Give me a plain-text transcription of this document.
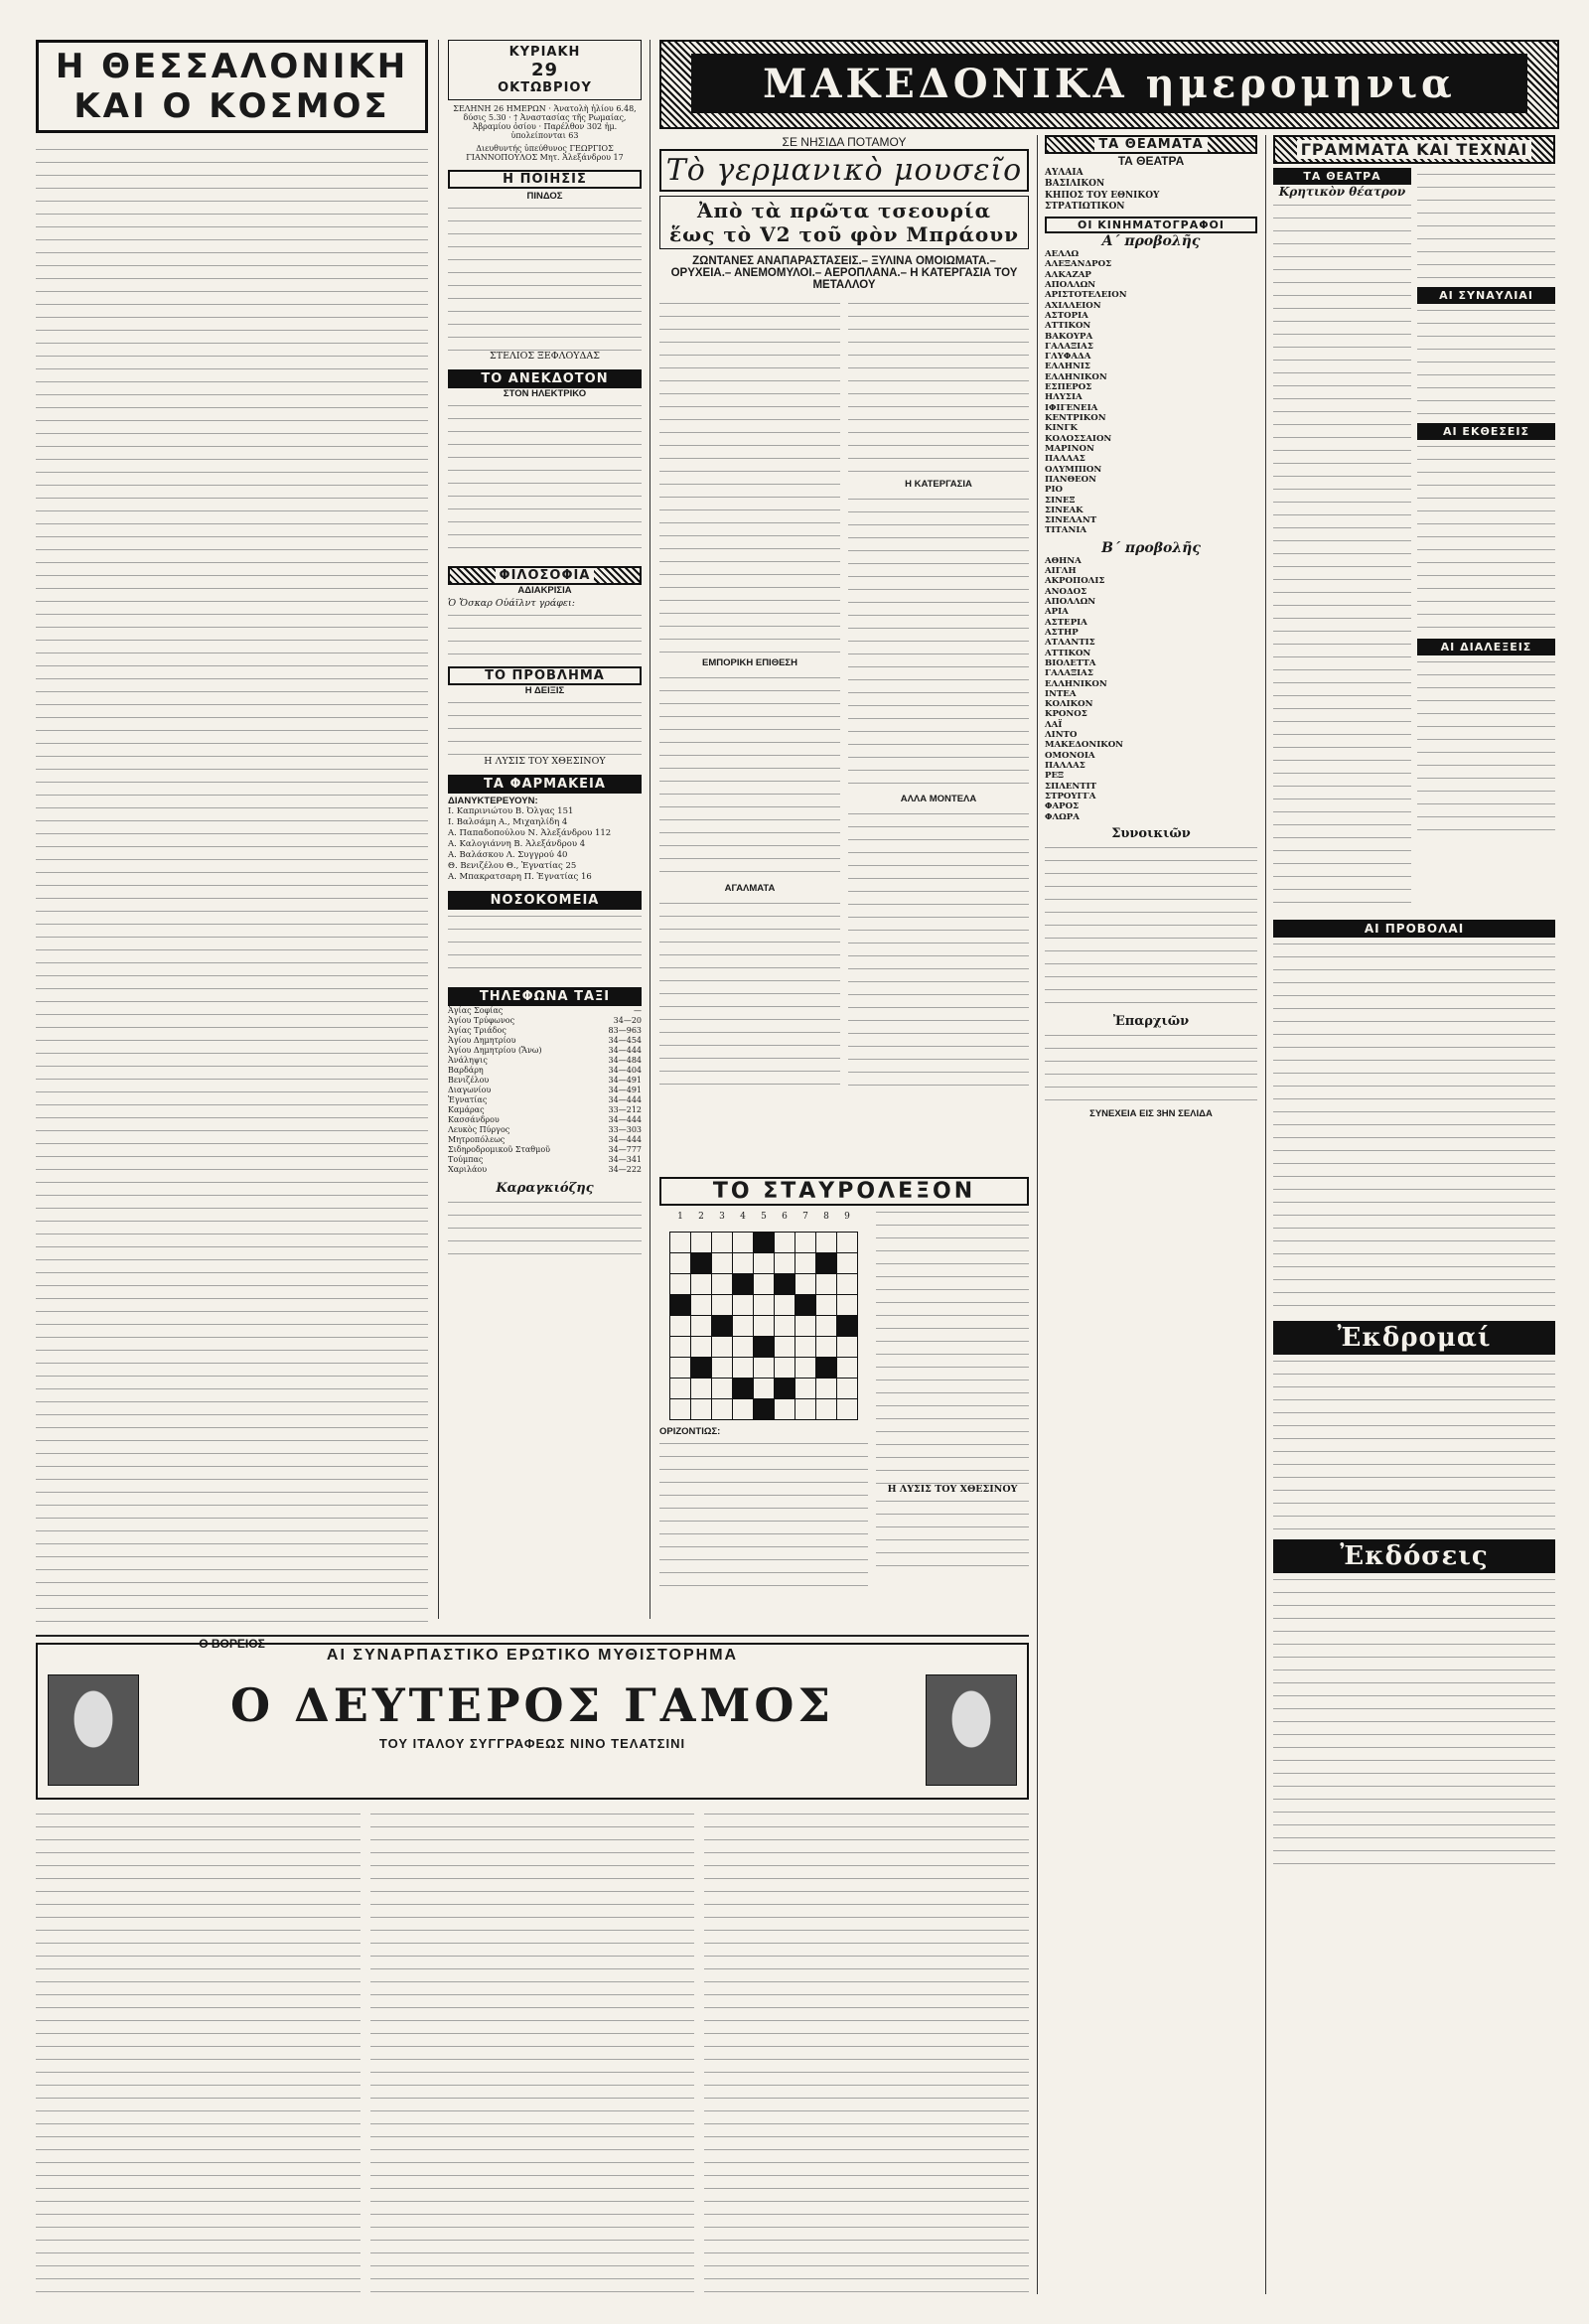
Η ΘΕΣΣΑΛΟΝΙΚΗ
ΚΑΙ Ο ΚΟΣΜΟΣ
Ο ΒΟΡΕΙΟΣ
ΚΥΡΙΑΚΗ
29
ΟΚΤΩΒΡΙΟΥ
ΣΕΛΗΝΗ 26 ΗΜΕΡΩΝ · Ἀνατολὴ ἡλίου 6.48, δύσις 5.30 · † Ἀναστασίας τῆς Ρωμαίας, Ἀβραμίου ὁσίου · Παρέλθον 302 ἡμ. ὑπολείπονται 63
Διευθυντής ὑπεύθυνος ΓΕΩΡΓΙΟΣ ΓΙΑΝΝΟΠΟΥΛΟΣ Μητ. Ἀλεξάνδρου 17
Η ΠΟΙΗΣΙΣ
ΠΙΝΔΟΣ
ΣΤΕΛΙΟΣ ΞΕΦΛΟΥΔΑΣ
ΤΟ ΑΝΕΚΔΟΤΟΝ
ΣΤΟΝ ΗΛΕΚΤΡΙΚΟ
ΦΙΛΟΣΟΦΙΑ
ΑΔΙΑΚΡΙΣΙΑ
Ὁ Ὄσκαρ Οὐάϊλντ γράφει:
ΤΟ ΠΡΟΒΛΗΜΑ
Η ΔΕΙΞΙΣ
Η ΛΥΣΙΣ ΤΟΥ ΧΘΕΣΙΝΟΥ
ΤΑ ΦΑΡΜΑΚΕΙΑ
ΔΙΑΝΥΚΤΕΡΕΥΟΥΝ:
Ι. Καπρινιώτου Β. Ὀλγας 151
Ι. Βαλσάμη Α., Μιχαηλίδη 4
Α. Παπαδοπούλου Ν. Ἀλεξάνδρου 112
Α. Καλογιάννη Β. Ἀλεξάνδρου 4
Α. Βαλάσκου Λ. Συγγρού 40
Θ. Βενιζέλου Θ., Ἐγνατίας 25
Α. Μπακρατσαρη Π. Ἐγνατίας 16
ΝΟΣΟΚΟΜΕΙΑ
ΤΗΛΕΦΩΝΑ ΤΑΞΙ
Ἀγίας Σοφίας	—
Ἁγίου Τρύφωνος	34—20
Ἁγίας Τριάδος	83—963
Ἁγίου Δημητρίου	34—454
Ἁγίου Δημητρίου (Ἄνω)	34—444
Ἀνάληψις	34—484
Βαρδάρη	34—404
Βενιζέλου	34—491
Διαγωνίου	34—491
Ἐγνατίας	34—444
Καμάρας	33—212
Κασσάνδρου	34—444
Λευκὸς Πύργος	33—303
Μητροπόλεως	34—444
Σιδηροδρομικοῦ Σταθμοῦ	34—777
Τούμπας	34—341
Χαριλάου	34—222
Καραγκιόζης
ΜΑΚΕΔΟΝΙΚΑ ημερομηνια
ΣΕ ΝΗΣΙΔΑ ΠΟΤΑΜΟΥ
Τὸ γερμανικὸ μουσεῖο
Ἀπὸ τὰ πρῶτα τσεουρία
ἕως τὸ V2 τοῦ φὸν Μπράουν
ΖΩΝΤΑΝΕΣ ΑΝΑΠΑΡΑΣΤΑΣΕΙΣ.– ΞΥΛΙΝΑ ΟΜΟΙΩΜΑΤΑ.– ΟΡΥΧΕΙΑ.– ΑΝΕΜΟΜΥΛΟΙ.– ΑΕΡΟΠΛΑΝΑ.– Η ΚΑΤΕΡΓΑΣΙΑ ΤΟΥ ΜΕΤΑΛΛΟΥ
ΕΜΠΟΡΙΚΗ ΕΠΙΘΕΣΗ
ΑΓΑΛΜΑΤΑ
Η ΚΑΤΕΡΓΑΣΙΑ
ΑΛΛΑ ΜΟΝΤΕΛΑ
ΤΟ ΣΤΑΥΡΟΛΕΞΟΝ
1	2	3	4	5	6	7	8	9

ΟΡΙΖΟΝΤΙΩΣ:
Η ΛΥΣΙΣ ΤΟΥ ΧΘΕΣΙΝΟΥ
ΤΑ ΘΕΑΜΑΤΑ
ΤΑ ΘΕΑΤΡΑ
ΑΥΛΑΙΑ
ΒΑΣΙΛΙΚΟΝ
ΚΗΠΟΣ ΤΟΥ ΕΘΝΙΚΟΥ
ΣΤΡΑΤΙΩΤΙΚΟΝ
ΟΙ ΚΙΝΗΜΑΤΟΓΡΑΦΟΙ
Α΄ προβολῆς
ΑΕΛΛΩ
ΑΛΕΞΑΝΔΡΟΣ
ΑΛΚΑΖΑΡ
ΑΠΟΛΛΩΝ
ΑΡΙΣΤΟΤΕΛΕΙΟΝ
ΑΧΙΛΛΕΙΟΝ
ΑΣΤΟΡΙΑ
ΑΤΤΙΚΟΝ
ΒΑΚΟΥΡΑ
ΓΑΛΑΞΙΑΣ
ΓΛΥΦΑΔΑ
ΕΛΛΗΝΙΣ
ΕΛΛΗΝΙΚΟΝ
ΕΣΠΕΡΟΣ
ΗΛΥΣΙΑ
ΙΦΙΓΕΝΕΙΑ
ΚΕΝΤΡΙΚΟΝ
ΚΙΝΓΚ
ΚΟΛΟΣΣΑΙΟΝ
ΜΑΡΙΝΟΝ
ΠΑΛΛΑΣ
ΟΛΥΜΠΙΟΝ
ΠΑΝΘΕΟΝ
ΡΙΟ
ΣΙΝΕΞ
ΣΙΝΕΑΚ
ΣΙΝΕΛΑΝΤ
ΤΙΤΑΝΙΑ
Β΄ προβολῆς
ΑΘΗΝΑ
ΑΙΓΛΗ
ΑΚΡΟΠΟΛΙΣ
ΑΝΟΔΟΣ
ΑΠΟΛΛΩΝ
ΑΡΙΑ
ΑΣΤΕΡΙΑ
ΑΣΤΗΡ
ΑΤΛΑΝΤΙΣ
ΑΤΤΙΚΟΝ
ΒΙΟΛΕΤΤΑ
ΓΑΛΑΞΙΑΣ
ΕΛΛΗΝΙΚΟΝ
ΙΝΤΕΑ
ΚΟΛΙΚΟΝ
ΚΡΟΝΟΣ
ΛΑΪ
ΛΙΝΤΟ
ΜΑΚΕΔΟΝΙΚΟΝ
ΟΜΟΝΟΙΑ
ΠΑΛΛΑΣ
ΡΕΞ
ΣΠΛΕΝΤΙΤ
ΣΤΡΟΥΓΓΑ
ΦΑΡΟΣ
ΦΛΩΡΑ
Συνοικιῶν
Ἐπαρχιῶν
ΣΥΝΕΧΕΙΑ ΕΙΣ 3ΗΝ ΣΕΛΙΔΑ
ΓΡΑΜΜΑΤΑ ΚΑΙ ΤΕΧΝΑΙ
ΤΑ ΘΕΑΤΡΑ
Κρητικὸν θέατρον
ΑΙ ΣΥΝΑΥΛΙΑΙ
ΑΙ ΕΚΘΕΣΕΙΣ
ΑΙ ΔΙΑΛΕΞΕΙΣ
ΑΙ ΠΡΟΒΟΛΑΙ
Ἐκδρομαί
Ἐκδόσεις
ΑΙ ΣΥΝΑΡΠΑΣΤΙΚΟ ΕΡΩΤΙΚΟ ΜΥΘΙΣΤΟΡΗΜΑ
Ο ΔΕΥΤΕΡΟΣ ΓΑΜΟΣ
ΤΟΥ ΙΤΑΛΟΥ ΣΥΓΓΡΑΦΕΩΣ ΝΙΝΟ ΤΕΛΑΤΣΙΝΙ
